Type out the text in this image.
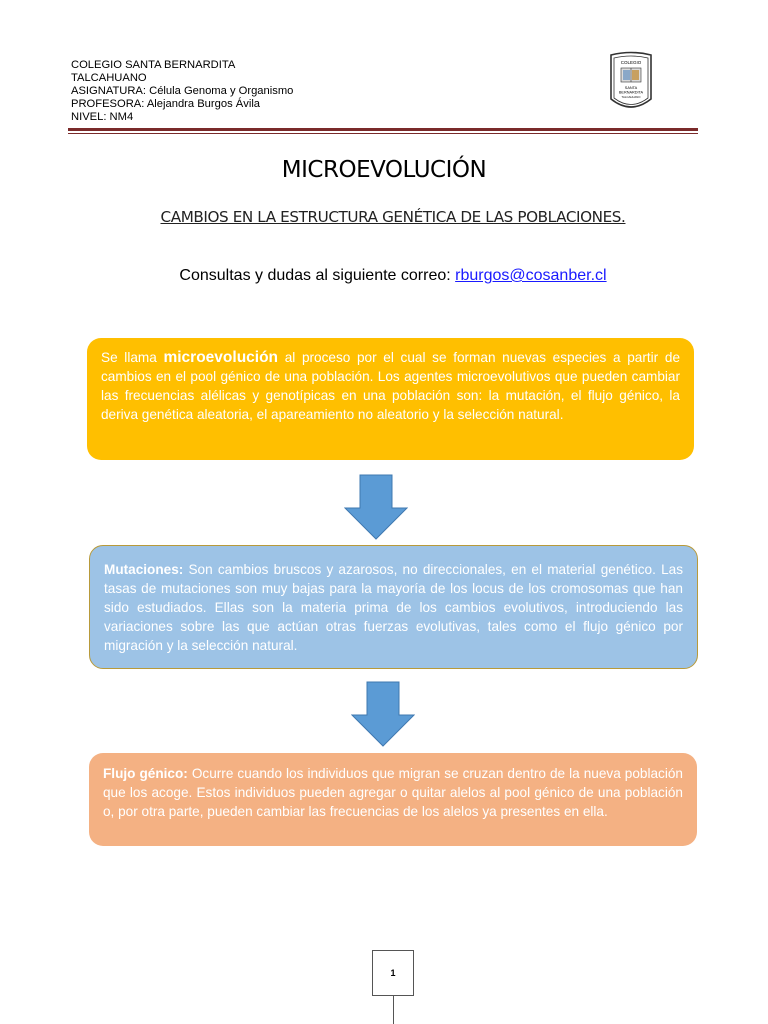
COLEGIO SANTA BERNARDITA
TALCAHUANO
ASIGNATURA: Célula Genoma y Organismo
PROFESORA: Alejandra Burgos Ávila
NIVEL: NM4
COLEGIO
SANTA
BERNARDITA
TALCAHUANO
MICROEVOLUCIÓN
CAMBIOS EN LA ESTRUCTURA GENÉTICA DE LAS POBLACIONES.
Consultas y dudas al siguiente correo: rburgos@cosanber.cl
Se llama microevolución al proceso por el cual se forman nuevas especies a partir de cambios en el pool génico de una población. Los agentes microevolutivos que pueden cambiar las frecuencias alélicas y genotípicas en una población son: la mutación, el flujo génico, la deriva genética aleatoria, el apareamiento no aleatorio y la selección natural.
Mutaciones: Son cambios bruscos y azarosos, no direccionales, en el material genético. Las tasas de mutaciones son muy bajas para la mayoría de los locus de los cromosomas que han sido estudiados. Ellas son la materia prima de los cambios evolutivos, introduciendo las variaciones sobre las que actúan otras fuerzas evolutivas, tales como el flujo génico por migración y la selección natural.
Flujo génico: Ocurre cuando los individuos que migran se cruzan dentro de la nueva población que los acoge. Estos individuos pueden agregar o quitar alelos al pool génico de una población o, por otra parte, pueden cambiar las frecuencias de los alelos ya presentes en ella.
1
